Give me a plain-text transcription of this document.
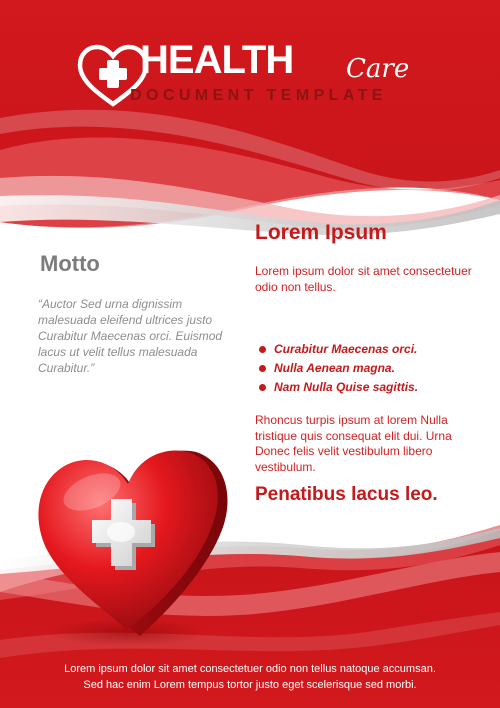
HEALTH Care
DOCUMENT TEMPLATE
Motto

“Auctor Sed urna dignissim malesuada eleifend ultrices justo Curabitur Maecenas orci. Euismod lacus ut velit tellus malesuada Curabitur.”

Lorem Ipsum

Lorem ipsum dolor sit amet consectetuer odio non tellus.

Curabitur Maecenas orci.
Nulla Aenean magna.
Nam Nulla Quise sagittis.

Rhoncus turpis ipsum at lorem Nulla tristique quis consequat elit dui. Urna Donec felis velit vestibulum libero vestibulum.

Penatibus lacus leo.
Lorem ipsum dolor sit amet consectetuer odio non tellus natoque accumsan.
Sed hac enim Lorem tempus tortor justo eget scelerisque sed morbi.
